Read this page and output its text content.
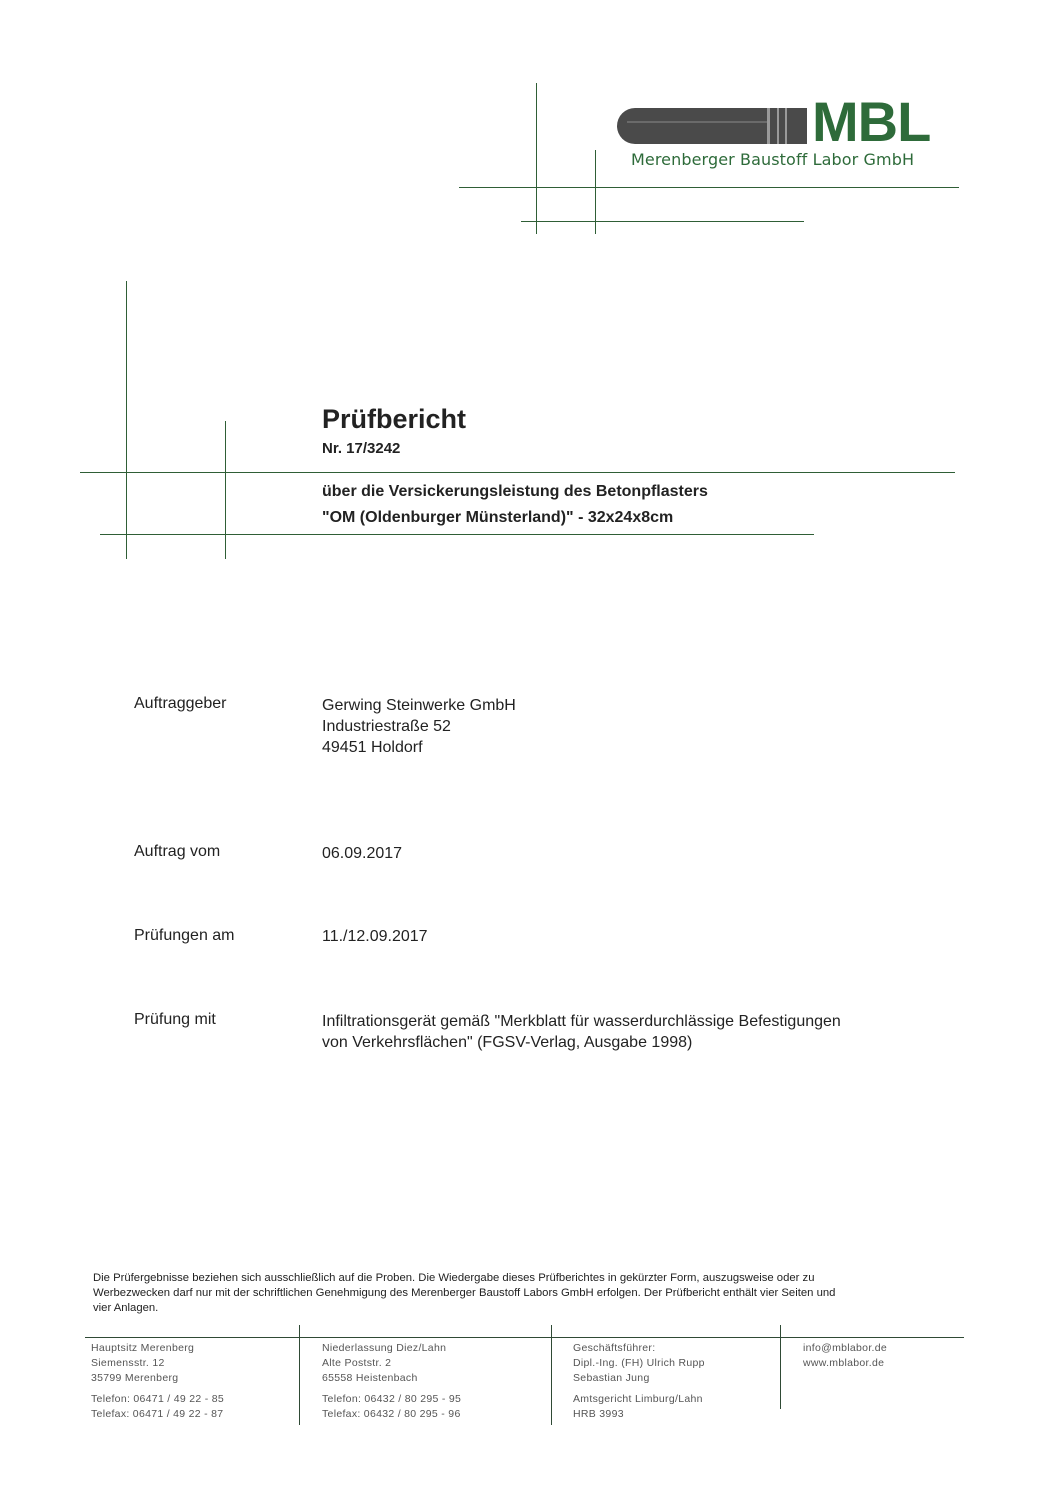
MBL
Merenberger Baustoff Labor GmbH
Prüfbericht
Nr. 17/3242
über die Versickerungsleistung des Betonpflasters
"OM (Oldenburger Münsterland)" - 32x24x8cm
Auftraggeber	Gerwing Steinwerke GmbH
Industriestraße 52
49451 Holdorf
Auftrag vom	06.09.2017
Prüfungen am	11./12.09.2017
Prüfung mit	Infiltrationsgerät gemäß "Merkblatt für wasserdurchlässige Befestigungen
von Verkehrsflächen" (FGSV-Verlag, Ausgabe 1998)
Die Prüfergebnisse beziehen sich ausschließlich auf die Proben. Die Wiedergabe dieses Prüfberichtes in gekürzter Form, auszugsweise oder zu
Werbezwecken darf nur mit der schriftlichen Genehmigung des Merenberger Baustoff Labors GmbH erfolgen. Der Prüfbericht enthält vier Seiten und
vier Anlagen.
Hauptsitz Merenberg
Siemensstr. 12
35799 Merenberg
Telefon: 06471 / 49 22 - 85
Telefax: 06471 / 49 22 - 87
Niederlassung Diez/Lahn
Alte Poststr. 2
65558 Heistenbach
Telefon: 06432 / 80 295 - 95
Telefax: 06432 / 80 295 - 96
Geschäftsführer:
Dipl.-Ing. (FH) Ulrich Rupp
Sebastian Jung
Amtsgericht Limburg/Lahn
HRB 3993
info@mblabor.de
www.mblabor.de
